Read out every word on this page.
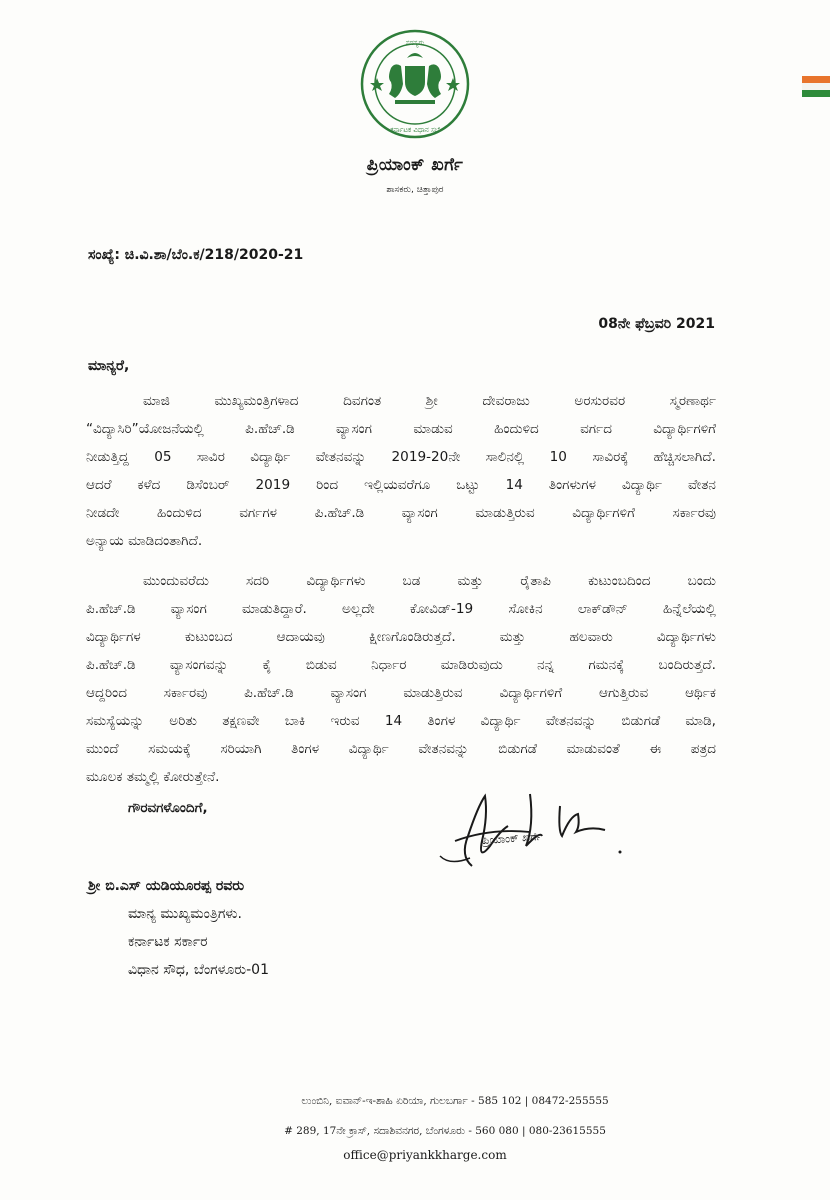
ಸದಸ್ಯರು
ಕರ್ನಾಟಕ ವಿಧಾನ ಸಭೆ
ಪ್ರಿಯಾಂಕ್ ಖರ್ಗೆ
ಶಾಸಕರು, ಚಿತ್ತಾಪುರ
ಸಂಖ್ಯೆ: ಚಿ.ವಿ.ಶಾ/ಬೆಂ.ಕ/218/2020-21
08ನೇ ಫೆಬ್ರವರಿ 2021
ಮಾನ್ಯರೆ,

ಮಾಜಿ ಮುಖ್ಯಮಂತ್ರಿಗಳಾದ ದಿವಗಂತ ಶ್ರೀ ದೇವರಾಜು ಅರಸುರವರ ಸ್ಮರಣಾರ್ಥ

“ವಿದ್ಯಾಸಿರಿ”ಯೋಜನೆಯಲ್ಲಿ ಪಿ.ಹೆಚ್.ಡಿ ವ್ಯಾಸಂಗ ಮಾಡುವ ಹಿಂದುಳಿದ ವರ್ಗದ ವಿದ್ಯಾರ್ಥಿಗಳಿಗೆ

ನೀಡುತ್ತಿದ್ದ 05 ಸಾವಿರ ವಿದ್ಯಾರ್ಥಿ ವೇತನವನ್ನು 2019-20ನೇ ಸಾಲಿನಲ್ಲಿ 10 ಸಾವಿರಕ್ಕೆ ಹೆಚ್ಚಿಸಲಾಗಿದೆ.

ಆದರೆ ಕಳೆದ ಡಿಸೆಂಬರ್ 2019 ರಿಂದ ಇಲ್ಲಿಯವರೆಗೂ ಒಟ್ಟು 14 ತಿಂಗಳುಗಳ ವಿದ್ಯಾರ್ಥಿ ವೇತನ

ನೀಡದೇ ಹಿಂದುಳಿದ ವರ್ಗಗಳ ಪಿ.ಹೆಚ್.ಡಿ ವ್ಯಾಸಂಗ ಮಾಡುತ್ತಿರುವ ವಿದ್ಯಾರ್ಥಿಗಳಿಗೆ ಸರ್ಕಾರವು

ಅನ್ಯಾಯ ಮಾಡಿದಂತಾಗಿದೆ.

ಮುಂದುವರೆದು ಸದರಿ ವಿದ್ಯಾರ್ಥಿಗಳು ಬಡ ಮತ್ತು ರೈತಾಪಿ ಕುಟುಂಬದಿಂದ ಬಂದು

ಪಿ.ಹೆಚ್.ಡಿ ವ್ಯಾಸಂಗ ಮಾಡುತಿದ್ದಾರೆ. ಅಲ್ಲದೇ ಕೋವಿಡ್-19 ಸೋಕಿನ ಲಾಕ್‌ಡೌನ್ ಹಿನ್ನೆಲೆಯಲ್ಲಿ

ವಿದ್ಯಾರ್ಥಿಗಳ ಕುಟುಂಬದ ಆದಾಯವು ಕ್ಷೀಣಗೊಂಡಿರುತ್ತದೆ. ಮತ್ತು ಹಲವಾರು ವಿದ್ಯಾರ್ಥಿಗಳು

ಪಿ.ಹೆಚ್.ಡಿ ವ್ಯಾಸಂಗವನ್ನು ಕೈ ಬಿಡುವ ನಿರ್ಧಾರ ಮಾಡಿರುವುದು ನನ್ನ ಗಮನಕ್ಕೆ ಬಂದಿರುತ್ತದೆ.

ಆದ್ದರಿಂದ ಸರ್ಕಾರವು ಪಿ.ಹೆಚ್.ಡಿ ವ್ಯಾಸಂಗ ಮಾಡುತ್ತಿರುವ ವಿದ್ಯಾರ್ಥಿಗಳಿಗೆ ಆಗುತ್ತಿರುವ ಆರ್ಥಿಕ

ಸಮಸ್ಯೆಯನ್ನು ಅರಿತು ತಕ್ಷಣವೇ ಬಾಕಿ ಇರುವ 14 ತಿಂಗಳ ವಿದ್ಯಾರ್ಥಿ ವೇತನವನ್ನು ಬಿಡುಗಡೆ ಮಾಡಿ,

ಮುಂದೆ ಸಮಯಕ್ಕೆ ಸರಿಯಾಗಿ ತಿಂಗಳ ವಿದ್ಯಾರ್ಥಿ ವೇತನವನ್ನು ಬಿಡುಗಡೆ ಮಾಡುವಂತೆ ಈ ಪತ್ರದ

ಮೂಲಕ ತಮ್ಮಲ್ಲಿ ಕೋರುತ್ತೇನೆ.

ಗೌರವಗಳೊಂದಿಗೆ,
ಪ್ರಿಯಾಂಕ್ ಖರ್ಗೆ
ಶ್ರೀ ಬಿ.ಎಸ್ ಯಡಿಯೂರಪ್ಪ ರವರು
ಮಾನ್ಯ ಮುಖ್ಯಮಂತ್ರಿಗಳು.
ಕರ್ನಾಟಕ ಸರ್ಕಾರ
ವಿಧಾನ ಸೌಧ, ಬೆಂಗಳೂರು-01
ಲುಂಬಿನಿ, ಐವಾನ್-ಇ-ಶಾಹಿ ಏರಿಯಾ, ಗುಲಬರ್ಗಾ - 585 102 | 08472-255555
# 289, 17ನೇ ಕ್ರಾಸ್, ಸದಾಶಿವನಗರ, ಬೆಂಗಳೂರು - 560 080 | 080-23615555
office@priyankkharge.com
